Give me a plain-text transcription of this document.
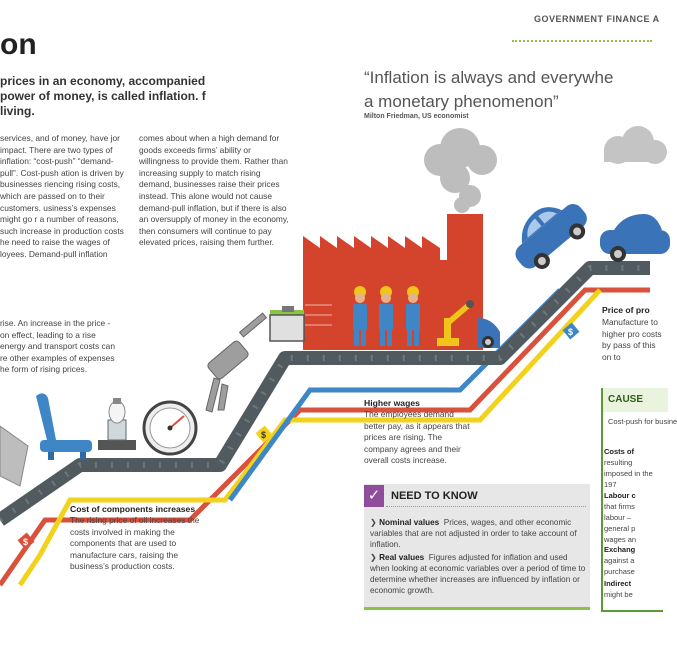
$
$
$
GOVERNMENT FINANCE A
on
prices in an economy, accompanied power of money, is called inflation. f living.
services, and of money, have jor impact. There are two types of inflation: “cost-push” “demand-pull”. Cost-push ation is driven by businesses riencing rising costs, which are passed on to their customers. usiness’s expenses might go r a number of reasons, such increase in production costs he need to raise the wages of loyees. Demand-pull inflation
comes about when a high demand for goods exceeds firms’ ability or willingness to provide them. Rather than increasing supply to match rising demand, businesses raise their prices instead. This alone would not cause demand-pull inflation, but if there is also an oversupply of money in the economy, then consumers will continue to pay elevated prices, raising them further.
“Inflation is always and everywhe
a monetary phenomenon”
Milton Friedman, US economist
rise. An increase in the price -on effect, leading to a rise energy and transport costs can re other examples of expenses he form of rising prices.
Cost of components increases
The rising price of oil increases the costs involved in making the components that are used to manufacture cars, raising the business’s production costs.
Higher wages
The employees demand better pay, as it appears that prices are rising. The company agrees and their overall costs increase.
Price of pro
Manufacture to higher pro costs by pass of this on to
✓ NEED TO KNOW
❯ Nominal values Prices, wages, and other economic variables that are not adjusted in order to take account of inflation.
❯ Real values Figures adjusted for inflation and used when looking at economic variables over a period of time to determine whether increases are influenced by inflation or economic growth.
CAUSE
Cost-push for busine
Costs of

resulting imposed in the 197
Labour c

that firms labour – general p wages an
Exchang

against a purchase
Indirect

might be
